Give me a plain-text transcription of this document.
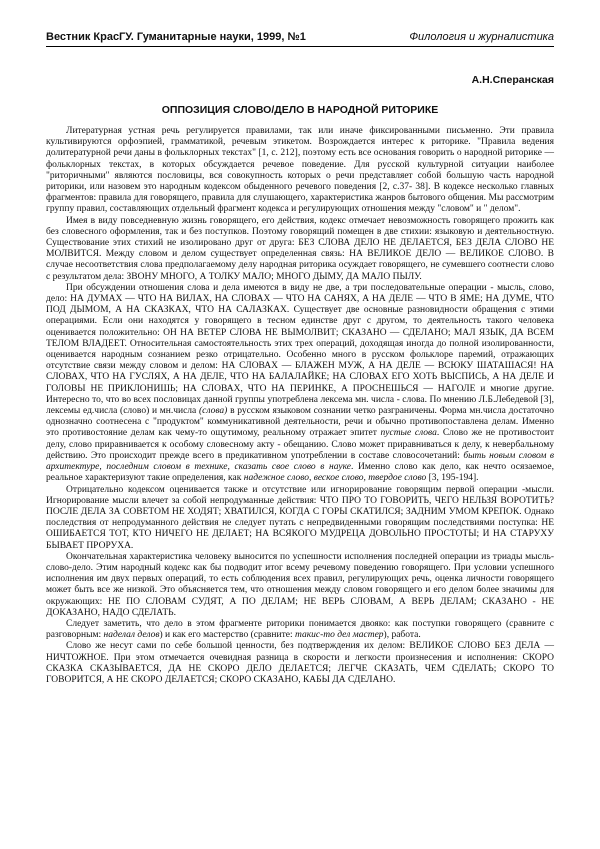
Вестник КрасГУ. Гуманитарные науки, 1999, №1	Филология и журналистика
А.Н.Сперанская
ОППОЗИЦИЯ СЛОВО/ДЕЛО В НАРОДНОЙ РИТОРИКЕ

Литературная устная речь регулируется правилами, так или иначе фиксированными письменно. Эти правила культивируются орфоэпией, грамматикой, речевым этикетом. Возрождается интерес к риторике. "Правила ведения долитературной речи даны в фольклорных текстах" [1, с. 212], поэтому есть все основания говорить о народной риторике — фольклорных текстах, в которых обсуждается речевое поведение. Для русской культурной ситуации наиболее "риторичными" являются пословицы, вся совокупность которых о речи представляет собой большую часть народной риторики, или назовем это народным кодексом обыденного речевого поведения [2, с.37- 38]. В кодексе несколько главных фрагментов: правила для говорящего, правила для слушающего, характеристика жанров бытового общения. Мы рассмотрим группу правил, составляющих отдельный фрагмент кодекса и регулирующих отношения между "словом" и " делом".

Имея в виду повседневную жизнь говорящего, его действия, кодекс отмечает невозможность говорящего прожить как без словесного оформления, так и без поступков. Поэтому говорящий помещен в две стихии: языковую и деятельностную. Существование этих стихий не изолировано друг от друга: БЕЗ СЛОВА ДЕЛО НЕ ДЕЛАЕТСЯ, БЕЗ ДЕЛА СЛОВО НЕ МОЛВИТСЯ. Между словом и делом существует определенная связь: НА ВЕЛИКОЕ ДЕЛО — ВЕЛИКОЕ СЛОВО. В случае несоответствия слова предполагаемому делу народная риторика осуждает говорящего, не сумевшего соотнести слово с результатом дела: ЗВОНУ МНОГО, А ТОЛКУ МАЛО; МНОГО ДЫМУ, ДА МАЛО ПЫЛУ.

При обсуждении отношения слова и дела имеются в виду не две, а три последовательные операции - мысль, слово, дело: НА ДУМАХ — ЧТО НА ВИЛАХ, НА СЛОВАХ — ЧТО НА САНЯХ, А НА ДЕЛЕ — ЧТО В ЯМЕ; НА ДУМЕ, ЧТО ПОД ДЫМОМ, А НА СКАЗКАХ, ЧТО НА САЛАЗКАХ. Существует две основные разновидности обращения с этими операциями. Если они находятся у говорящего в тесном единстве друг с другом, то деятельность такого человека оценивается положительно: ОН НА ВЕТЕР СЛОВА НЕ ВЫМОЛВИТ; СКАЗАНО — СДЕЛАНО; МАЛ ЯЗЫК, ДА ВСЕМ ТЕЛОМ ВЛАДЕЕТ. Относительная самостоятельность этих трех операций, доходящая иногда до полной изолированности, оценивается народным сознанием резко отрицательно. Особенно много в русском фольклоре паремий, отражающих отсутствие связи между словом и делом: НА СЛОВАХ — БЛАЖЕН МУЖ, А НА ДЕЛЕ — ВСЮКУ ШАТАШАСЯ! НА СЛОВАХ, ЧТО НА ГУСЛЯХ, А НА ДЕЛЕ, ЧТО НА БАЛАЛАЙКЕ; НА СЛОВАХ ЕГО ХОТЬ ВЫСПИСЬ, А НА ДЕЛЕ И ГОЛОВЫ НЕ ПРИКЛОНИШЬ; НА СЛОВАХ, ЧТО НА ПЕРИНКЕ, А ПРОСНЕШЬСЯ — НАГОЛЕ и многие другие. Интересно то, что во всех пословицах данной группы употреблена лексема мн. числа - слова. По мнению Л.Б.Лебедевой [3], лексемы ед.числа (слово) и мн.числа (слова) в русском языковом сознании четко разграничены. Форма мн.числа достаточно однозначно соотнесена с "продуктом" коммуникативной деятельности, речи и обычно противопоставлена делам. Именно это противостояние делам как чему-то ощутимому, реальному отражает эпитет пустые слова. Слово же не противостоит делу, слово приравнивается к особому словесному акту - обещанию. Слово может приравниваться к делу, к невербальному действию. Это происходит прежде всего в предикативном употреблении в составе словосочетаний: быть новым словом в архитектуре, последним словом в технике, сказать свое слово в науке. Именно слово как дело, как нечто осязаемое, реальное характеризуют такие определения, как надежное слово, веское слово, твердое слово [3, 195-194].

Отрицательно кодексом оценивается также и отсутствие или игнорирование говорящим первой операции -мысли. Игнорирование мысли влечет за собой непродуманные действия: ЧТО ПРО ТО ГОВОРИТЬ, ЧЕГО НЕЛЬЗЯ ВОРОТИТЬ? ПОСЛЕ ДЕЛА ЗА СОВЕТОМ НЕ ХОДЯТ; ХВАТИЛСЯ, КОГДА С ГОРЫ СКАТИЛСЯ; ЗАДНИМ УМОМ КРЕПОК. Однако последствия от непродуманного действия не следует путать с непредвиденными говорящим последствиями поступка: НЕ ОШИБАЕТСЯ ТОТ, КТО НИЧЕГО НЕ ДЕЛАЕТ; НА ВСЯКОГО МУДРЕЦА ДОВОЛЬНО ПРОСТОТЫ; И НА СТАРУХУ БЫВАЕТ ПРОРУХА.

Окончательная характеристика человеку выносится по успешности исполнения последней операции из триады мысль-слово-дело. Этим народный кодекс как бы подводит итог всему речевому поведению говорящего. При условии успешного исполнения им двух первых операций, то есть соблюдения всех правил, регулирующих речь, оценка личности говорящего может быть все же низкой. Это объясняется тем, что отношения между словом говорящего и его делом более значимы для окружающих: НЕ ПО СЛОВАМ СУДЯТ, А ПО ДЕЛАМ; НЕ ВЕРЬ СЛОВАМ, А ВЕРЬ ДЕЛАМ; СКАЗАНО - НЕ ДОКАЗАНО, НАДО СДЕЛАТЬ.

Следует заметить, что дело в этом фрагменте риторики понимается двояко: как поступки говорящего (сравните с разговорным: наделал делов) и как его мастерство (сравните: такис-то дел мастер), работа.

Слово же несут сами по себе большой ценности, без подтверждения их делом: ВЕЛИКОЕ СЛОВО БЕЗ ДЕЛА — НИЧТОЖНОЕ. При этом отмечается очевидная разница в скорости и легкости произнесения и исполнения: СКОРО СКАЗКА СКАЗЫВАЕТСЯ, ДА НЕ СКОРО ДЕЛО ДЕЛАЕТСЯ; ЛЕГЧЕ СКАЗАТЬ, ЧЕМ СДЕЛАТЬ; СКОРО ТО ГОВОРИТСЯ, А НЕ СКОРО ДЕЛАЕТСЯ; СКОРО СКАЗАНО, КАБЫ ДА СДЕЛАНО.
